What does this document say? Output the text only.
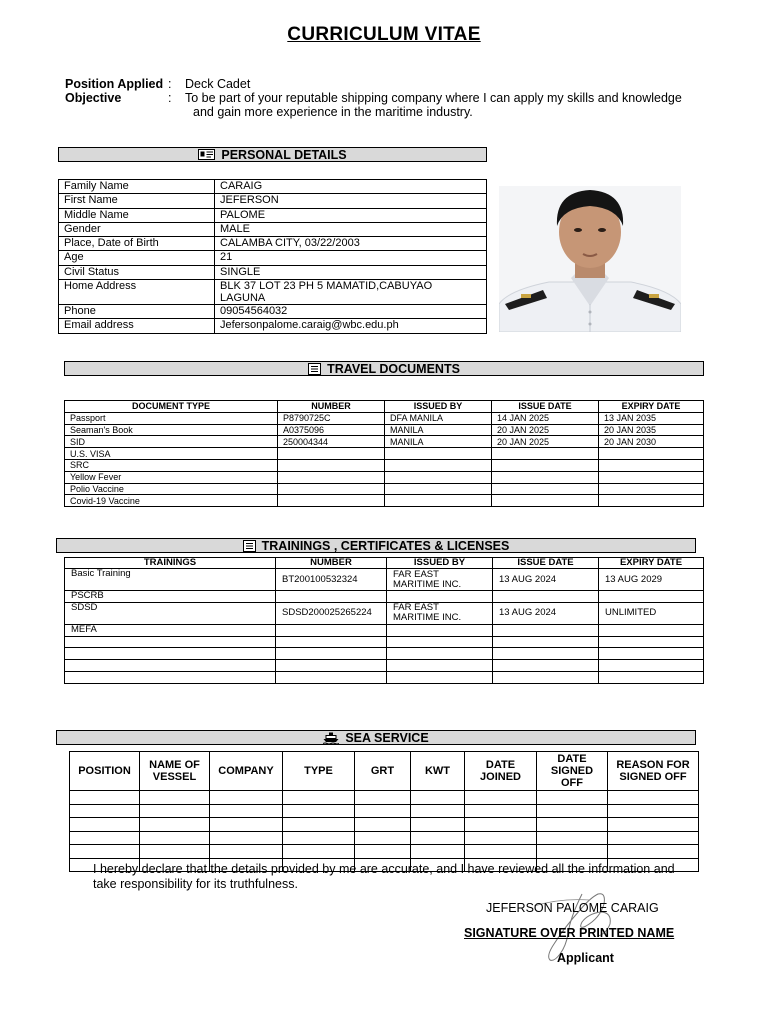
CURRICULUM VITAE
Position Applied : Deck Cadet
Objective	: To be part of your reputable shipping company where I can apply my skills and knowledge
and gain more experience in the maritime industry.
PERSONAL DETAILS
Family Name	CARAIG

First Name	JEFERSON

Middle Name	PALOME

Gender	MALE

Place, Date of Birth	CALAMBA CITY, 03/22/2003

Age	21

Civil Status	SINGLE

Home Address	BLK 37 LOT 23 PH 5 MAMATID,CABUYAO
LAGUNA

Phone	09054564032

Email address	Jefersonpalome.caraig@wbc.edu.ph
TRAVEL DOCUMENTS
DOCUMENT TYPE	NUMBER	ISSUED BY	ISSUE DATE	EXPIRY DATE
Passport	P8790725C	DFA MANILA	14 JAN 2025	13 JAN 2035
Seaman's Book	A0375096	MANILA	20 JAN 2025	20 JAN 2035
SID	250004344	MANILA	20 JAN 2025	20 JAN 2030
U.S. VISA				
SRC				
Yellow Fever				
Polio Vaccine				
Covid-19 Vaccine				
TRAININGS , CERTIFICATES & LICENSES
TRAININGS	NUMBER	ISSUED BY	ISSUE DATE	EXPIRY DATE
Basic Training	BT200100532324	FAR EAST MARITIME INC.	13 AUG 2024	13 AUG 2029
PSCRB				
SDSD	SDSD200025265224	FAR EAST MARITIME INC.	13 AUG 2024	UNLIMITED
MEFA				

SEA SERVICE
POSITION	NAME OF VESSEL	COMPANY	TYPE	GRT	KWT	DATE JOINED	DATE SIGNED OFF	REASON FOR SIGNED OFF

I hereby declare that the details provided by me are accurate, and I have reviewed all the information and
take responsibility for its truthfulness.
JEFERSON PALOME CARAIG
SIGNATURE OVER PRINTED NAME
Applicant
